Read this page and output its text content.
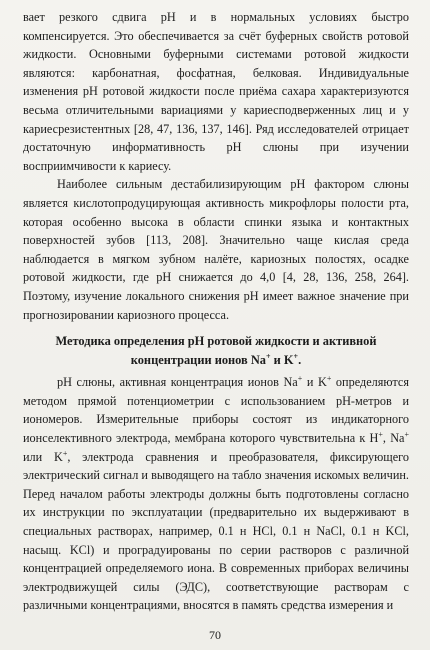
вает резкого сдвига pH и в нормальных условиях быстро компенсируется. Это обеспечивается за счёт буферных свойств ротовой жидкости. Основными буферными системами ротовой жидкости являются: карбонатная, фосфатная, белковая. Индивидуальные изменения pH ротовой жидкости после приёма сахара характеризуются весьма отличительными вариациями у кариесподверженных лиц и у кариесрезистентных [28, 47, 136, 137, 146]. Ряд исследователей отрицает достаточную информативность pH слюны при изучении восприимчивости к кариесу.

Наиболее сильным дестабилизирующим pH фактором слюны является кислотопродуцирующая активность микрофлоры полости рта, которая особенно высока в области спинки языка и контактных поверхностей зубов [113, 208]. Значительно чаще кислая среда наблюдается в мягком зубном налёте, кариозных полостях, осадке ротовой жидкости, где pH снижается до 4,0 [4, 28, 136, 258, 264]. Поэтому, изучение локального снижения pH имеет важное значение при прогнозировании кариозного процесса.

Методика определения pH ротовой жидкости и активной
концентрации ионов Na+ и K+.

pH слюны, активная концентрация ионов Na+ и K+ определяются методом прямой потенциометрии с использованием pH-метров и иономеров. Измерительные приборы состоят из индикаторного ионселективного электрода, мембрана которого чувствительна к H+, Na+ или K+, электрода сравнения и преобразователя, фиксирующего электрический сигнал и выводящего на табло значения искомых величин. Перед началом работы электроды должны быть подготовлены согласно их инструкции по эксплуатации (предварительно их выдерживают в специальных растворах, например, 0.1 н HCl, 0.1 н NaCl, 0.1 н KCl, насыщ. KCl) и проградуированы по серии растворов с различной концентрацией определяемого иона. В современных приборах величины электродвижущей силы (ЭДС), соответствующие растворам с различными концентрациями, вносятся в память средства измерения и

70
